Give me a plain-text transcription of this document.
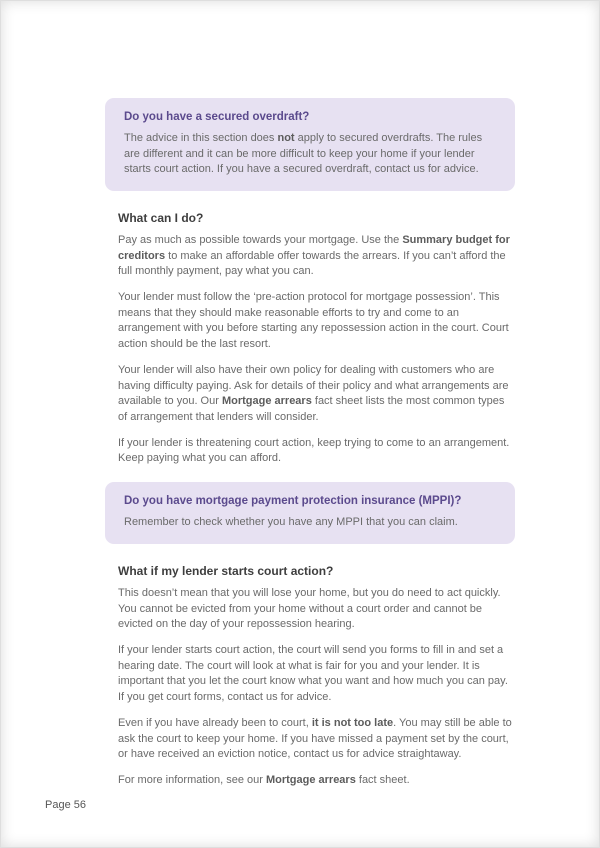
Do you have a secured overdraft?
The advice in this section does not apply to secured overdrafts. The rules are different and it can be more difficult to keep your home if your lender starts court action. If you have a secured overdraft, contact us for advice.
What can I do?

Pay as much as possible towards your mortgage. Use the Summary budget for creditors to make an affordable offer towards the arrears. If you can’t afford the full monthly payment, pay what you can.

Your lender must follow the ‘pre-action protocol for mortgage possession’. This means that they should make reasonable efforts to try and come to an arrangement with you before starting any repossession action in the court. Court action should be the last resort.

Your lender will also have their own policy for dealing with customers who are having difficulty paying. Ask for details of their policy and what arrangements are available to you. Our Mortgage arrears fact sheet lists the most common types of arrangement that lenders will consider.

If your lender is threatening court action, keep trying to come to an arrangement. Keep paying what you can afford.

Do you have mortgage payment protection insurance (MPPI)?
Remember to check whether you have any MPPI that you can claim.
What if my lender starts court action?

This doesn’t mean that you will lose your home, but you do need to act quickly. You cannot be evicted from your home without a court order and cannot be evicted on the day of your repossession hearing.

If your lender starts court action, the court will send you forms to fill in and set a hearing date. The court will look at what is fair for you and your lender. It is important that you let the court know what you want and how much you can pay. If you get court forms, contact us for advice.

Even if you have already been to court, it is not too late. You may still be able to ask the court to keep your home. If you have missed a payment set by the court, or have received an eviction notice, contact us for advice straightaway.

For more information, see our Mortgage arrears fact sheet.

Page 56
